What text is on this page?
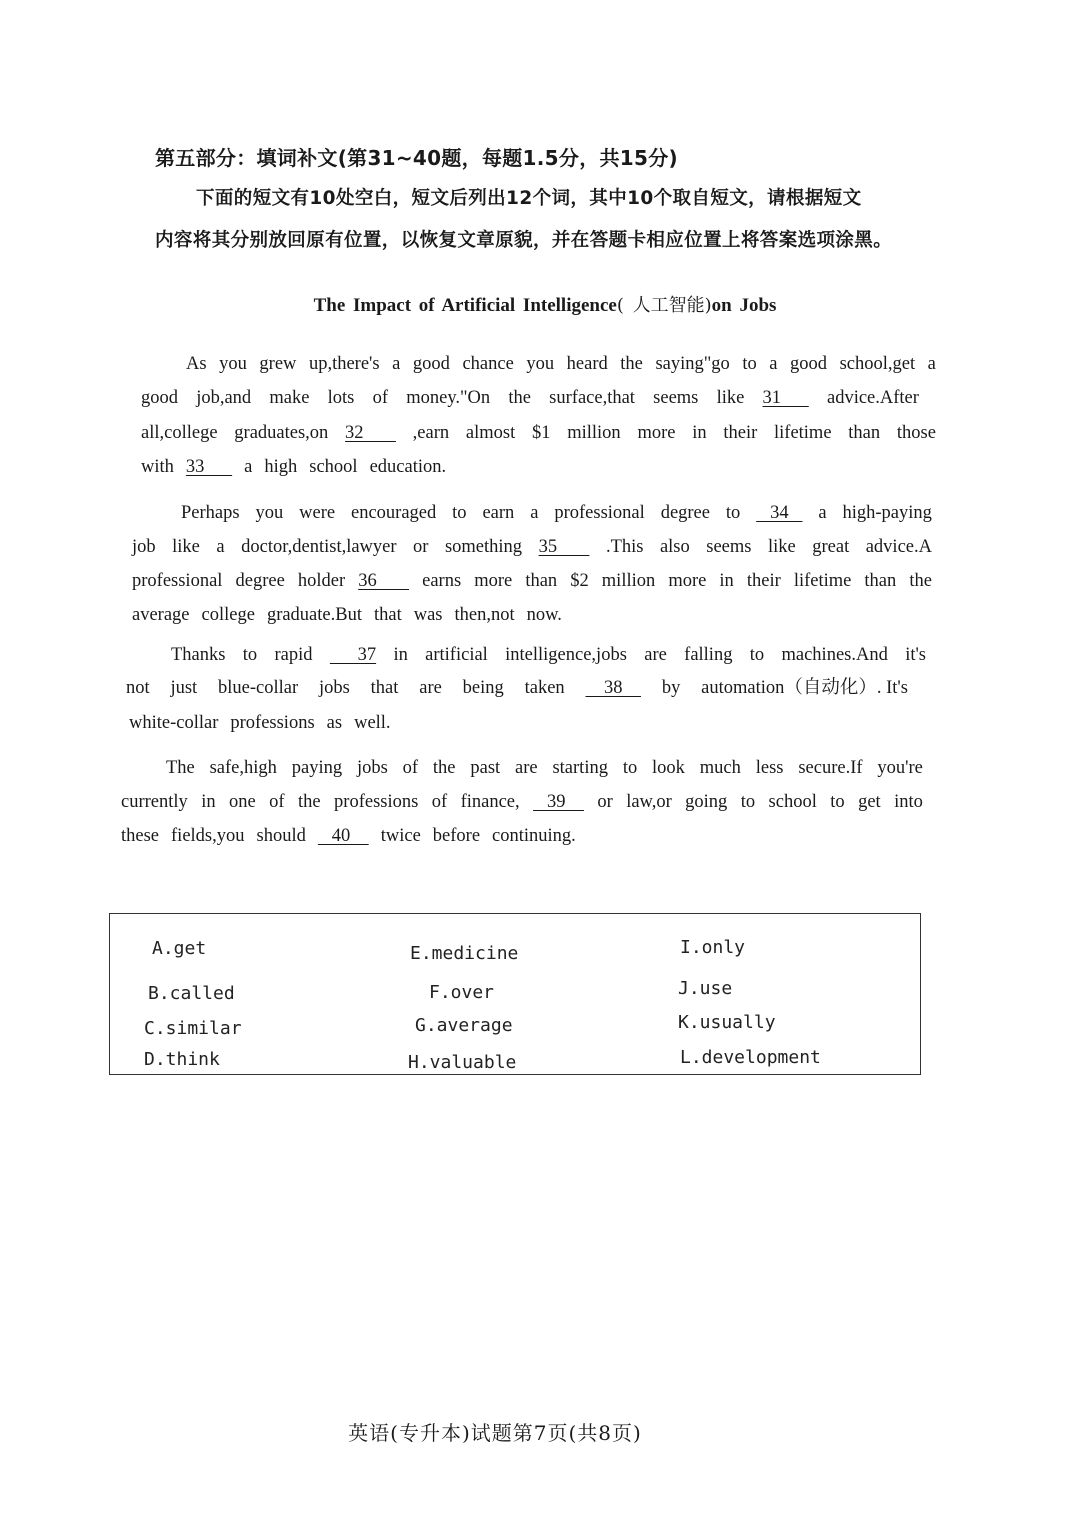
第五部分：填词补文(第31~40题，每题1.5分，共15分)
下面的短文有10处空白，短文后列出12个词，其中10个取自短文，请根据短文
内容将其分别放回原有位置，以恢复文章原貌，并在答题卡相应位置上将答案选项涂黑。
The Impact of Artificial Intelligence( 人工智能)on Jobs
As you grew up,there's a good chance you heard the saying"go to a good school,get a
good job,and make lots of money."On the surface,that seems like 31 advice.After
all,college graduates,on 32 ,earn almost $1 million more in their lifetime than those
with 33 a high school education.
Perhaps you were encouraged to earn a professional degree to 34 a high-paying
job like a doctor,dentist,lawyer or something 35 .This also seems like great advice.A
professional degree holder 36 earns more than $2 million more in their lifetime than the
average college graduate.But that was then,not now.
Thanks to rapid 37 in artificial intelligence,jobs are falling to machines.And it's
not just blue-collar jobs that are being taken 38 by automation（自动化）. It's
white-collar professions as well.
The safe,high paying jobs of the past are starting to look much less secure.If you're
currently in one of the professions of finance, 39 or law,or going to school to get into
these fields,you should 40 twice before continuing.
A.get
B.called
C.similar
D.think
E.medicine
F.over
G.average
H.valuable
I.only
J.use
K.usually
L.development
英语(专升本)试题第7页(共8页)
